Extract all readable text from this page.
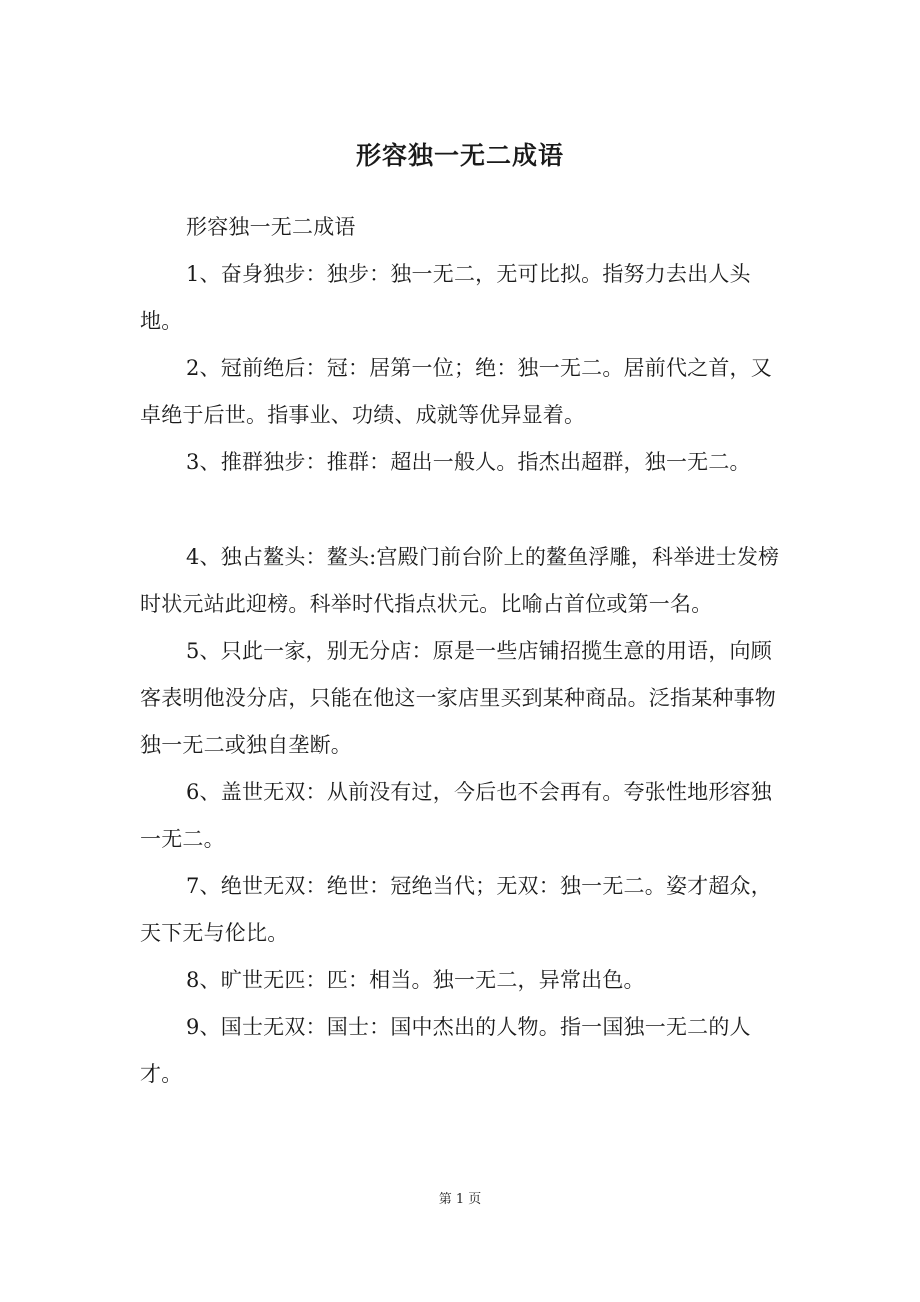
形容独一无二成语

形容独一无二成语

1、奋身独步：独步：独一无二，无可比拟。指努力去出人头地。

2、冠前绝后：冠：居第一位；绝：独一无二。居前代之首，又卓绝于后世。指事业、功绩、成就等优异显着。

3、推群独步：推群：超出一般人。指杰出超群，独一无二。

4、独占鳌头：鳌头:宫殿门前台阶上的鳌鱼浮雕，科举进士发榜时状元站此迎榜。科举时代指点状元。比喻占首位或第一名。

5、只此一家，别无分店：原是一些店铺招揽生意的用语，向顾客表明他没分店，只能在他这一家店里买到某种商品。泛指某种事物独一无二或独自垄断。

6、盖世无双：从前没有过，今后也不会再有。夸张性地形容独一无二。

7、绝世无双：绝世：冠绝当代；无双：独一无二。姿才超众，天下无与伦比。

8、旷世无匹：匹：相当。独一无二，异常出色。

9、国士无双：国士：国中杰出的人物。指一国独一无二的人才。

第 1 页
